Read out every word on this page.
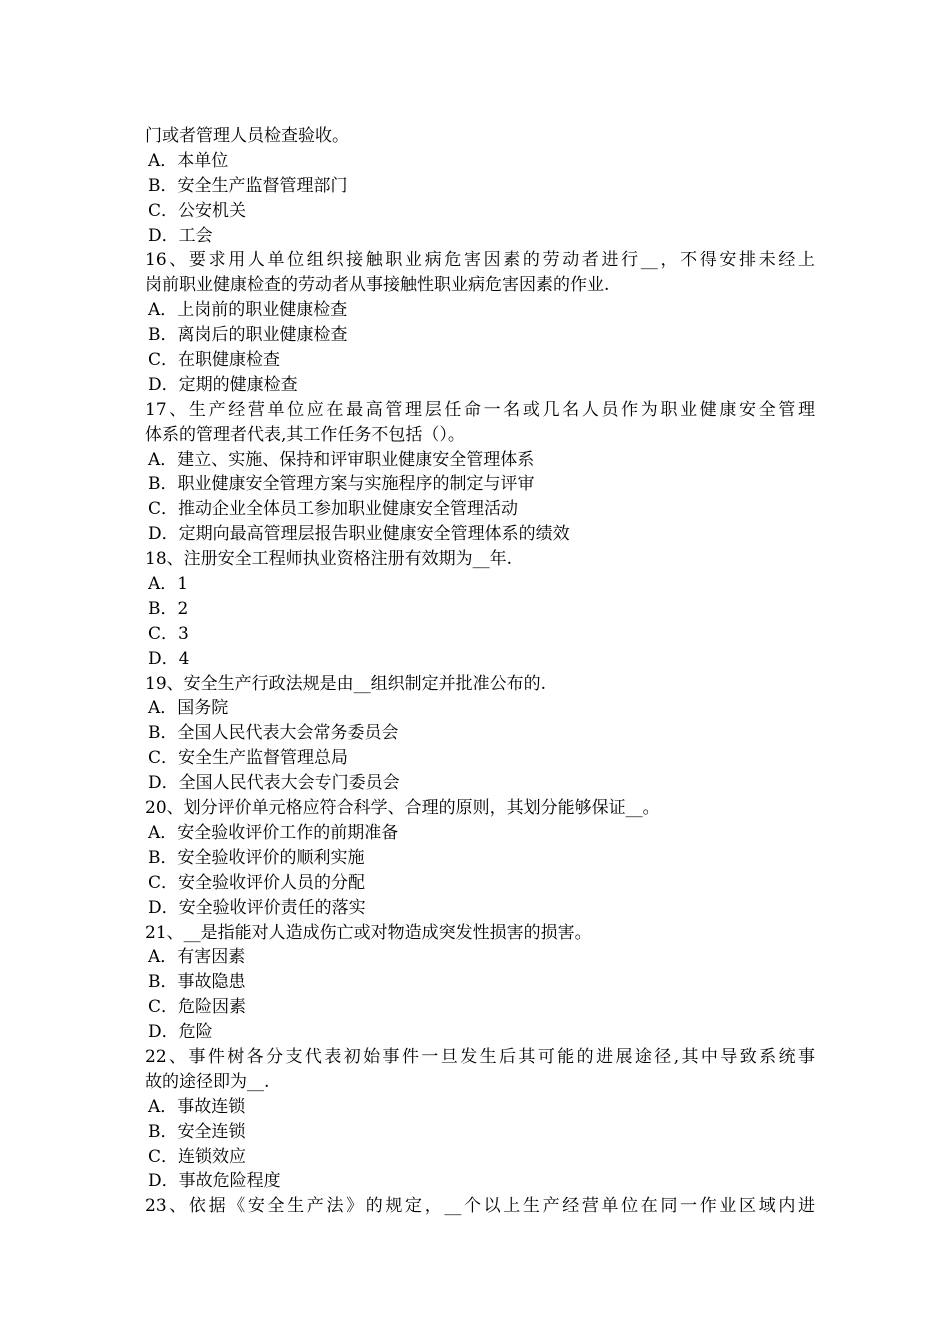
门或者管理人员检查验收。
A．本单位
B．安全生产监督管理部门
C．公安机关
D．工会
16、要求用人单位组织接触职业病危害因素的劳动者进行__，不得安排未经上
岗前职业健康检查的劳动者从事接触性职业病危害因素的作业.
A．上岗前的职业健康检查
B．离岗后的职业健康检查
C．在职健康检查
D．定期的健康检查
17、生产经营单位应在最高管理层任命一名或几名人员作为职业健康安全管理
体系的管理者代表,其工作任务不包括（）。
A．建立、实施、保持和评审职业健康安全管理体系
B．职业健康安全管理方案与实施程序的制定与评审
C．推动企业全体员工参加职业健康安全管理活动
D．定期向最高管理层报告职业健康安全管理体系的绩效
18、注册安全工程师执业资格注册有效期为__年.
A．1
B．2
C．3
D．4
19、安全生产行政法规是由__组织制定并批准公布的.
A．国务院
B．全国人民代表大会常务委员会
C．安全生产监督管理总局
D．全国人民代表大会专门委员会
20、划分评价单元格应符合科学、合理的原则，其划分能够保证__。
A．安全验收评价工作的前期准备
B．安全验收评价的顺利实施
C．安全验收评价人员的分配
D．安全验收评价责任的落实
21、__是指能对人造成伤亡或对物造成突发性损害的损害。
A．有害因素
B．事故隐患
C．危险因素
D．危险
22、事件树各分支代表初始事件一旦发生后其可能的进展途径,其中导致系统事
故的途径即为__.
A．事故连锁
B．安全连锁
C．连锁效应
D．事故危险程度
23、依据《安全生产法》的规定，__个以上生产经营单位在同一作业区域内进
